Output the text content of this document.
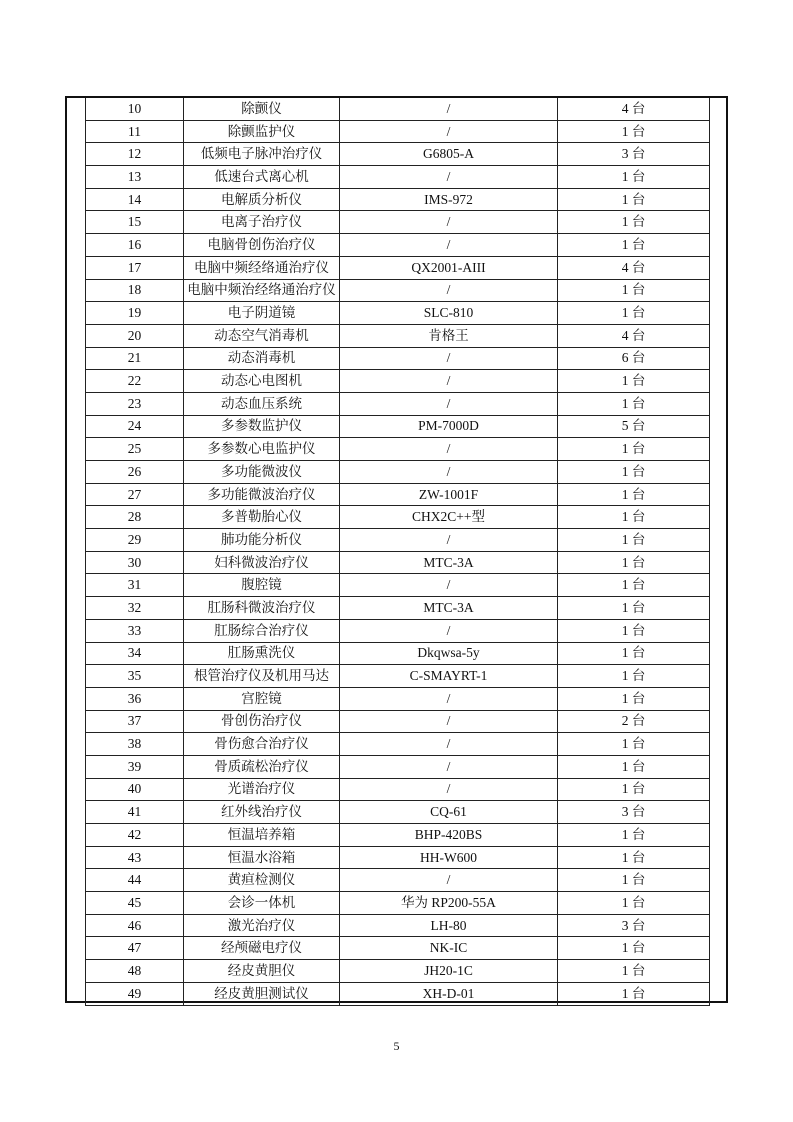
10	除颤仪	/	4 台
11	除颤监护仪	/	1 台
12	低频电子脉冲治疗仪	G6805-A	3 台
13	低速台式离心机	/	1 台
14	电解质分析仪	IMS-972	1 台
15	电离子治疗仪	/	1 台
16	电脑骨创伤治疗仪	/	1 台
17	电脑中频经络通治疗仪	QX2001-AIII	4 台
18	电脑中频治经络通治疗仪	/	1 台
19	电子阴道镜	SLC-810	1 台
20	动态空气消毒机	肯格王	4 台
21	动态消毒机	/	6 台
22	动态心电图机	/	1 台
23	动态血压系统	/	1 台
24	多参数监护仪	PM-7000D	5 台
25	多参数心电监护仪	/	1 台
26	多功能微波仪	/	1 台
27	多功能微波治疗仪	ZW-1001F	1 台
28	多普勒胎心仪	CHX2C++型	1 台
29	肺功能分析仪	/	1 台
30	妇科微波治疗仪	MTC-3A	1 台
31	腹腔镜	/	1 台
32	肛肠科微波治疗仪	MTC-3A	1 台
33	肛肠综合治疗仪	/	1 台
34	肛肠熏洗仪	Dkqwsa-5y	1 台
35	根管治疗仪及机用马达	C-SMAYRT-1	1 台
36	宫腔镜	/	1 台
37	骨创伤治疗仪	/	2 台
38	骨伤愈合治疗仪	/	1 台
39	骨质疏松治疗仪	/	1 台
40	光谱治疗仪	/	1 台
41	红外线治疗仪	CQ-61	3 台
42	恒温培养箱	BHP-420BS	1 台
43	恒温水浴箱	HH-W600	1 台
44	黄疸检测仪	/	1 台
45	会诊一体机	华为 RP200-55A	1 台
46	激光治疗仪	LH-80	3 台
47	经颅磁电疗仪	NK-IC	1 台
48	经皮黄胆仪	JH20-1C	1 台
49	经皮黄胆测试仪	XH-D-01	1 台
5
